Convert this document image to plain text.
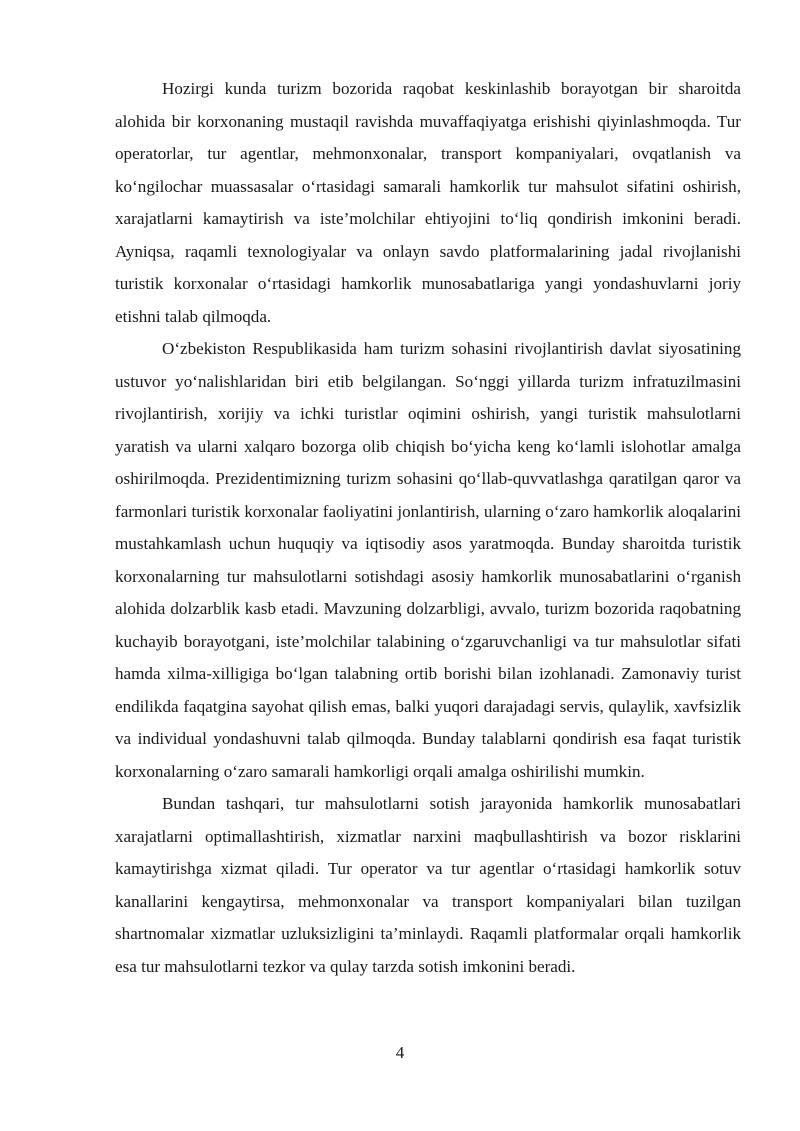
Hozirgi kunda turizm bozorida raqobat keskinlashib borayotgan bir sharoitda alohida bir korxonaning mustaqil ravishda muvaffaqiyatga erishishi qiyinlashmoqda. Tur operatorlar, tur agentlar, mehmonxonalar, transport kompaniyalari, ovqatlanish va ko‘ngilochar muassasalar o‘rtasidagi samarali hamkorlik tur mahsulot sifatini oshirish, xarajatlarni kamaytirish va iste’molchilar ehtiyojini to‘liq qondirish imkonini beradi. Ayniqsa, raqamli texnologiyalar va onlayn savdo platformalarining jadal rivojlanishi turistik korxonalar o‘rtasidagi hamkorlik munosabatlariga yangi yondashuvlarni joriy etishni talab qilmoqda.

O‘zbekiston Respublikasida ham turizm sohasini rivojlantirish davlat siyosatining ustuvor yo‘nalishlaridan biri etib belgilangan. So‘nggi yillarda turizm infratuzilmasini rivojlantirish, xorijiy va ichki turistlar oqimini oshirish, yangi turistik mahsulotlarni yaratish va ularni xalqaro bozorga olib chiqish bo‘yicha keng ko‘lamli islohotlar amalga oshirilmoqda. Prezidentimizning turizm sohasini qo‘llab-quvvatlashga qaratilgan qaror va farmonlari turistik korxonalar faoliyatini jonlantirish, ularning o‘zaro hamkorlik aloqalarini mustahkamlash uchun huquqiy va iqtisodiy asos yaratmoqda. Bunday sharoitda turistik korxonalarning tur mahsulotlarni sotishdagi asosiy hamkorlik munosabatlarini o‘rganish alohida dolzarblik kasb etadi. Mavzuning dolzarbligi, avvalo, turizm bozorida raqobatning kuchayib borayotgani, iste’molchilar talabining o‘zgaruvchanligi va tur mahsulotlar sifati hamda xilma-xilligiga bo‘lgan talabning ortib borishi bilan izohlanadi. Zamonaviy turist endilikda faqatgina sayohat qilish emas, balki yuqori darajadagi servis, qulaylik, xavfsizlik va individual yondashuvni talab qilmoqda. Bunday talablarni qondirish esa faqat turistik korxonalarning o‘zaro samarali hamkorligi orqali amalga oshirilishi mumkin.

Bundan tashqari, tur mahsulotlarni sotish jarayonida hamkorlik munosabatlari xarajatlarni optimallashtirish, xizmatlar narxini maqbullashtirish va bozor risklarini kamaytirishga xizmat qiladi. Tur operator va tur agentlar o‘rtasidagi hamkorlik sotuv kanallarini kengaytirsa, mehmonxonalar va transport kompaniyalari bilan tuzilgan shartnomalar xizmatlar uzluksizligini ta’minlaydi. Raqamli platformalar orqali hamkorlik esa tur mahsulotlarni tezkor va qulay tarzda sotish imkonini beradi.

4
